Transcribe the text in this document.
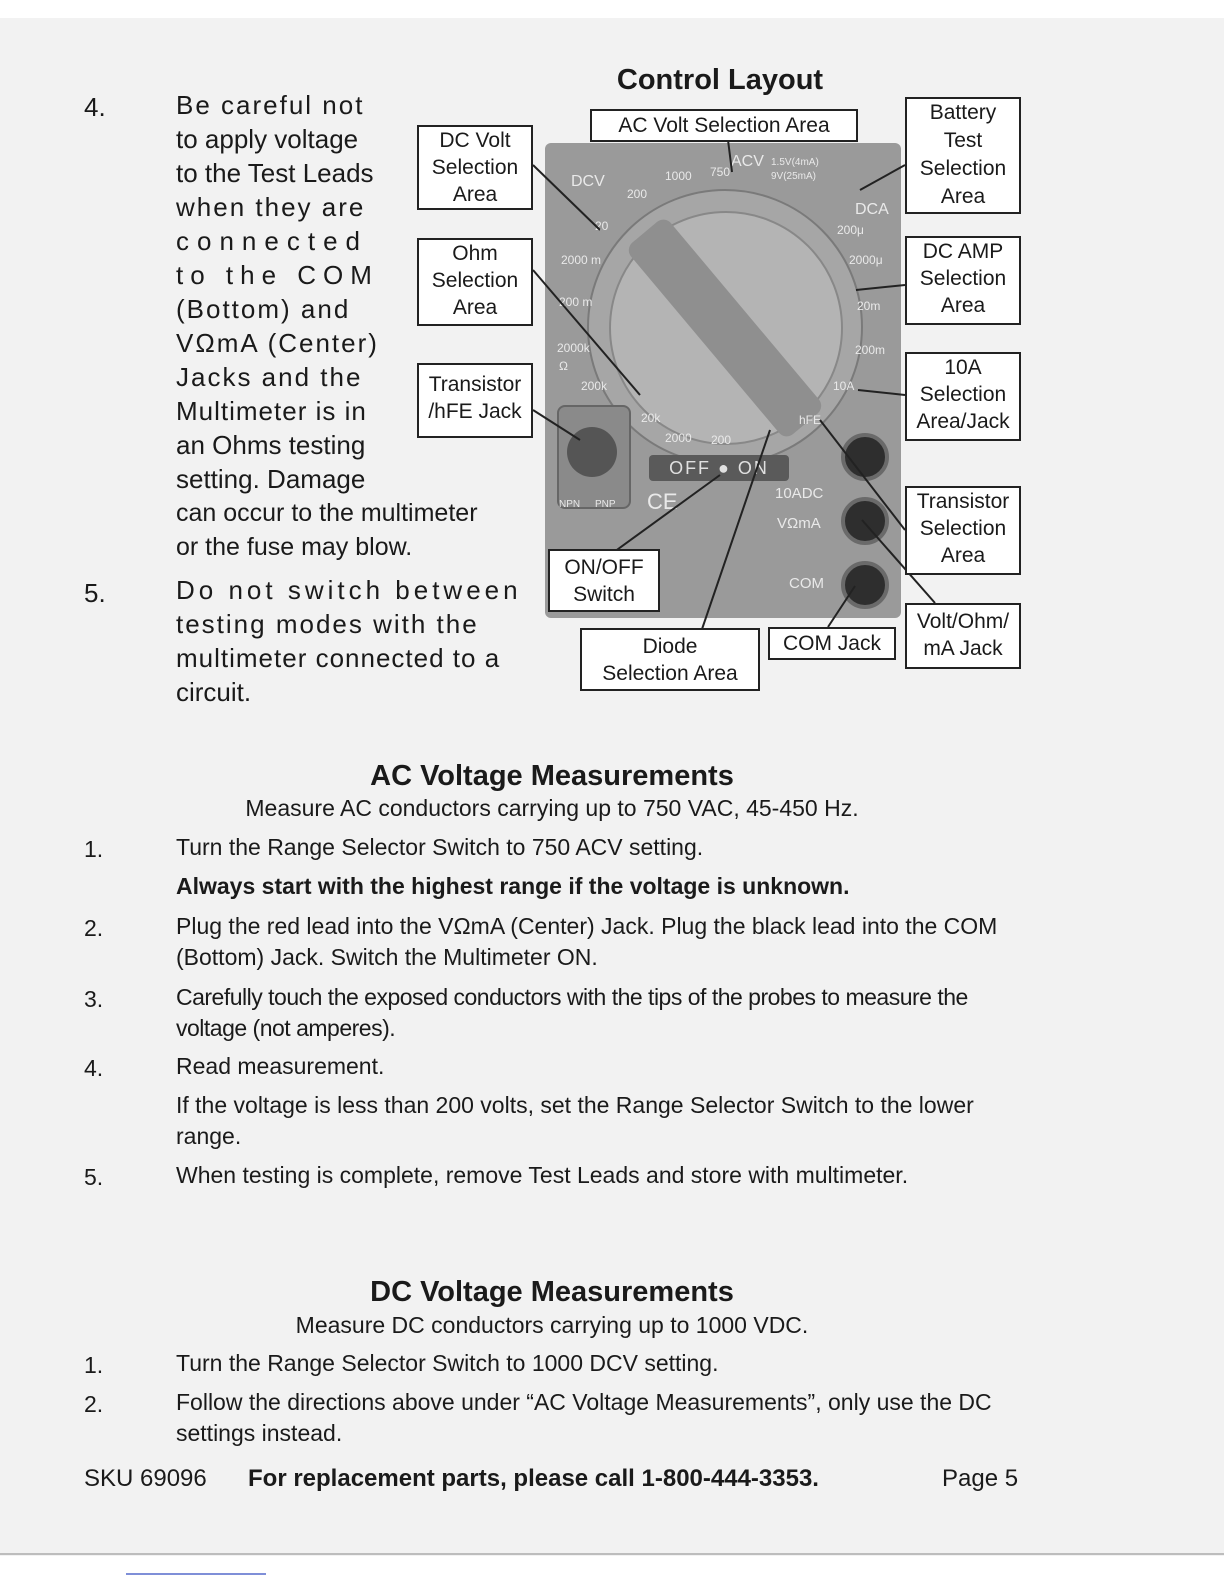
4.	Be careful not
to apply voltage
to the Test Leads
when they are
connected
to the COM
(Bottom) and
VΩmA (Center)
Jacks and the
Multimeter is in
an Ohms testing
setting. Damage
can occur to the multimeter
or the fuse may blow.
5.	Do not switch between
testing modes with the
multimeter connected to a
circuit.
Control Layout
OFF ● ON
DCV
ACV
DCA
1000 750
200
20
2000 m
200 m
2000k
Ω
200k
20k
2000 200
200μ
2000μ
20m
200m
10A
hFE
1.5V(4mA)
9V(25mA)
NPN PNP CE	10ADC
VΩmA
COM
DC Volt
Selection
Area
AC Volt Selection Area
Battery
Test
Selection
Area
Ohm
Selection
Area
DC AMP
Selection
Area
Transistor
/hFE Jack
10A
Selection
Area/Jack
Transistor
Selection
Area
ON/OFF
Switch
Diode
Selection Area
COM Jack
Volt/Ohm/
mA Jack
AC Voltage Measurements
Measure AC conductors carrying up to 750 VAC, 45-450 Hz.
1.	Turn the Range Selector Switch to 750 ACV setting.
Always start with the highest range if the voltage is unknown.
2.	Plug the red lead into the VΩmA (Center) Jack. Plug the black lead into the COM (Bottom) Jack. Switch the Multimeter ON.
3.	Carefully touch the exposed conductors with the tips of the probes to measure the voltage (not amperes).
4.	Read measurement.
If the voltage is less than 200 volts, set the Range Selector Switch to the lower range.
5.	When testing is complete, remove Test Leads and store with multimeter.
DC Voltage Measurements
Measure DC conductors carrying up to 1000 VDC.
1.	Turn the Range Selector Switch to 1000 DCV setting.
2.	Follow the directions above under “AC Voltage Measurements”, only use the DC settings instead.
SKU 69096 For replacement parts, please call 1-800-444-3353.	Page 5
